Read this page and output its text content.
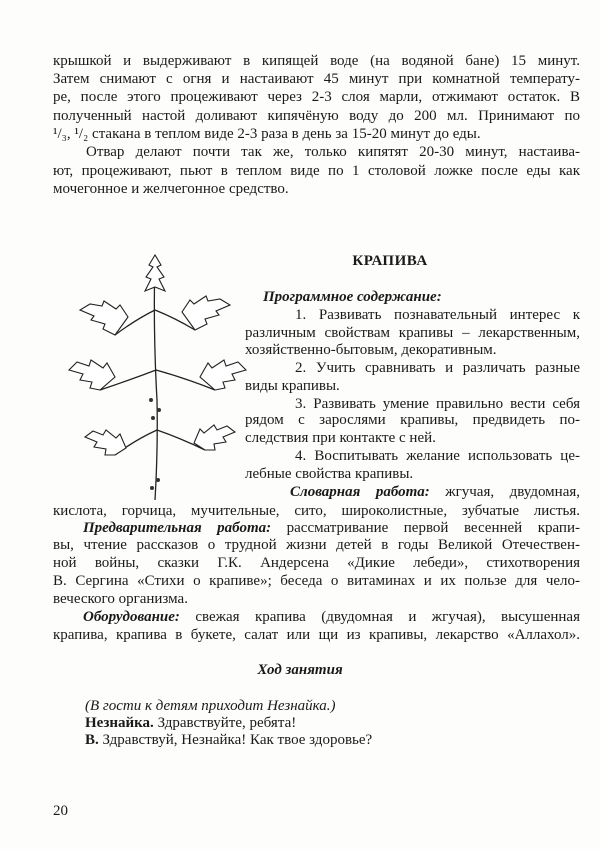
КРАПИВА
Ход занятия
20
крышкой и выдерживают в кипящей воде (на водяной бане) 15 минут.
Затем снимают с огня и настаивают 45 минут при комнатной температу-
ре, после этого процеживают через 2-3 слоя марли, отжимают остаток. В
полученный настой доливают кипячёную воду до 200 мл. Принимают по
¹/₃, ¹/₂ стакана в теплом виде 2-3 раза в день за 15-20 минут до еды.
Отвар делают почти так же, только кипятят 20-30 минут, настаива-
ют, процеживают, пьют в теплом виде по 1 столовой ложке после еды как
мочегонное и желчегонное средство.
Программное содержание:
1. Развивать познавательный интерес к
различным свойствам крапивы – лекарственным,
хозяйственно-бытовым, декоративным.
2. Учить сравнивать и различать разные
виды крапивы.
3. Развивать умение правильно вести себя
рядом с зарослями крапивы, предвидеть по-
следствия при контакте с ней.
4. Воспитывать желание использовать це-
лебные свойства крапивы.
Словарная работа: жгучая, двудомная,
кислота, горчица, мучительные, сито, широколистные, зубчатые листья.
Предварительная работа: рассматривание первой весенней крапи-
вы, чтение рассказов о трудной жизни детей в годы Великой Отечествен-
ной войны, сказки Г.К. Андерсена «Дикие лебеди», стихотворения
В. Сергина «Стихи о крапиве»; беседа о витаминах и их пользе для чело-
веческого организма.
Оборудование: свежая крапива (двудомная и жгучая), высушенная
крапива, крапива в букете, салат или щи из крапивы, лекарство «Аллахол».
(В гости к детям приходит Незнайка.)
Незнайка. Здравствуйте, ребята!
В. Здравствуй, Незнайка! Как твое здоровье?
